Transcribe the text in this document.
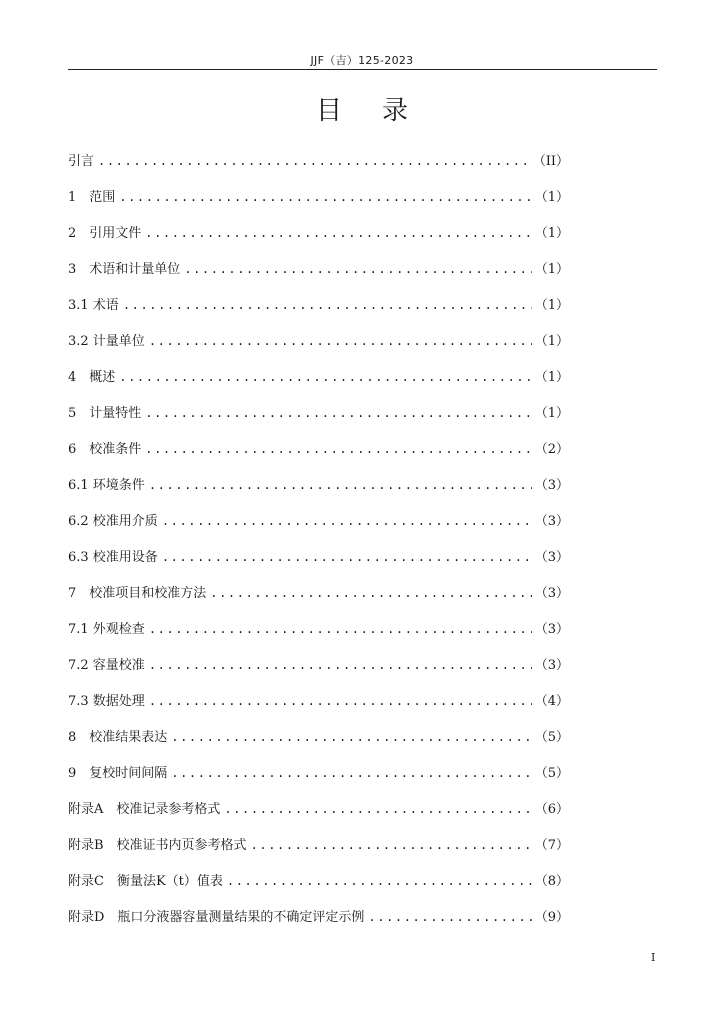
JJF（吉）125-2023
目录
引言 .....	（II）
1　范围 .....	（1）
2　引用文件 .....	（1）
3　术语和计量单位 .....	（1）
3.1 术语 .....	（1）
3.2 计量单位 .....	（1）
4　概述 .....	（1）
5　计量特性 .....	（1）
6　校准条件 .....	（2）
6.1 环境条件 .....	（3）
6.2 校准用介质 .....	（3）
6.3 校准用设备 .....	（3）
7　校准项目和校准方法 .....	（3）
7.1 外观检查 .....	（3）
7.2 容量校准 .....	（3）
7.3 数据处理 .....	（4）
8　校准结果表达 .....	（5）
9　复校时间间隔 .....	（5）
附录A　校准记录参考格式 .....	（6）
附录B　校准证书内页参考格式 .....	（7）
附录C　衡量法K（t）值表 .....	（8）
附录D　瓶口分液器容量测量结果的不确定评定示例 .....	（9）
I
